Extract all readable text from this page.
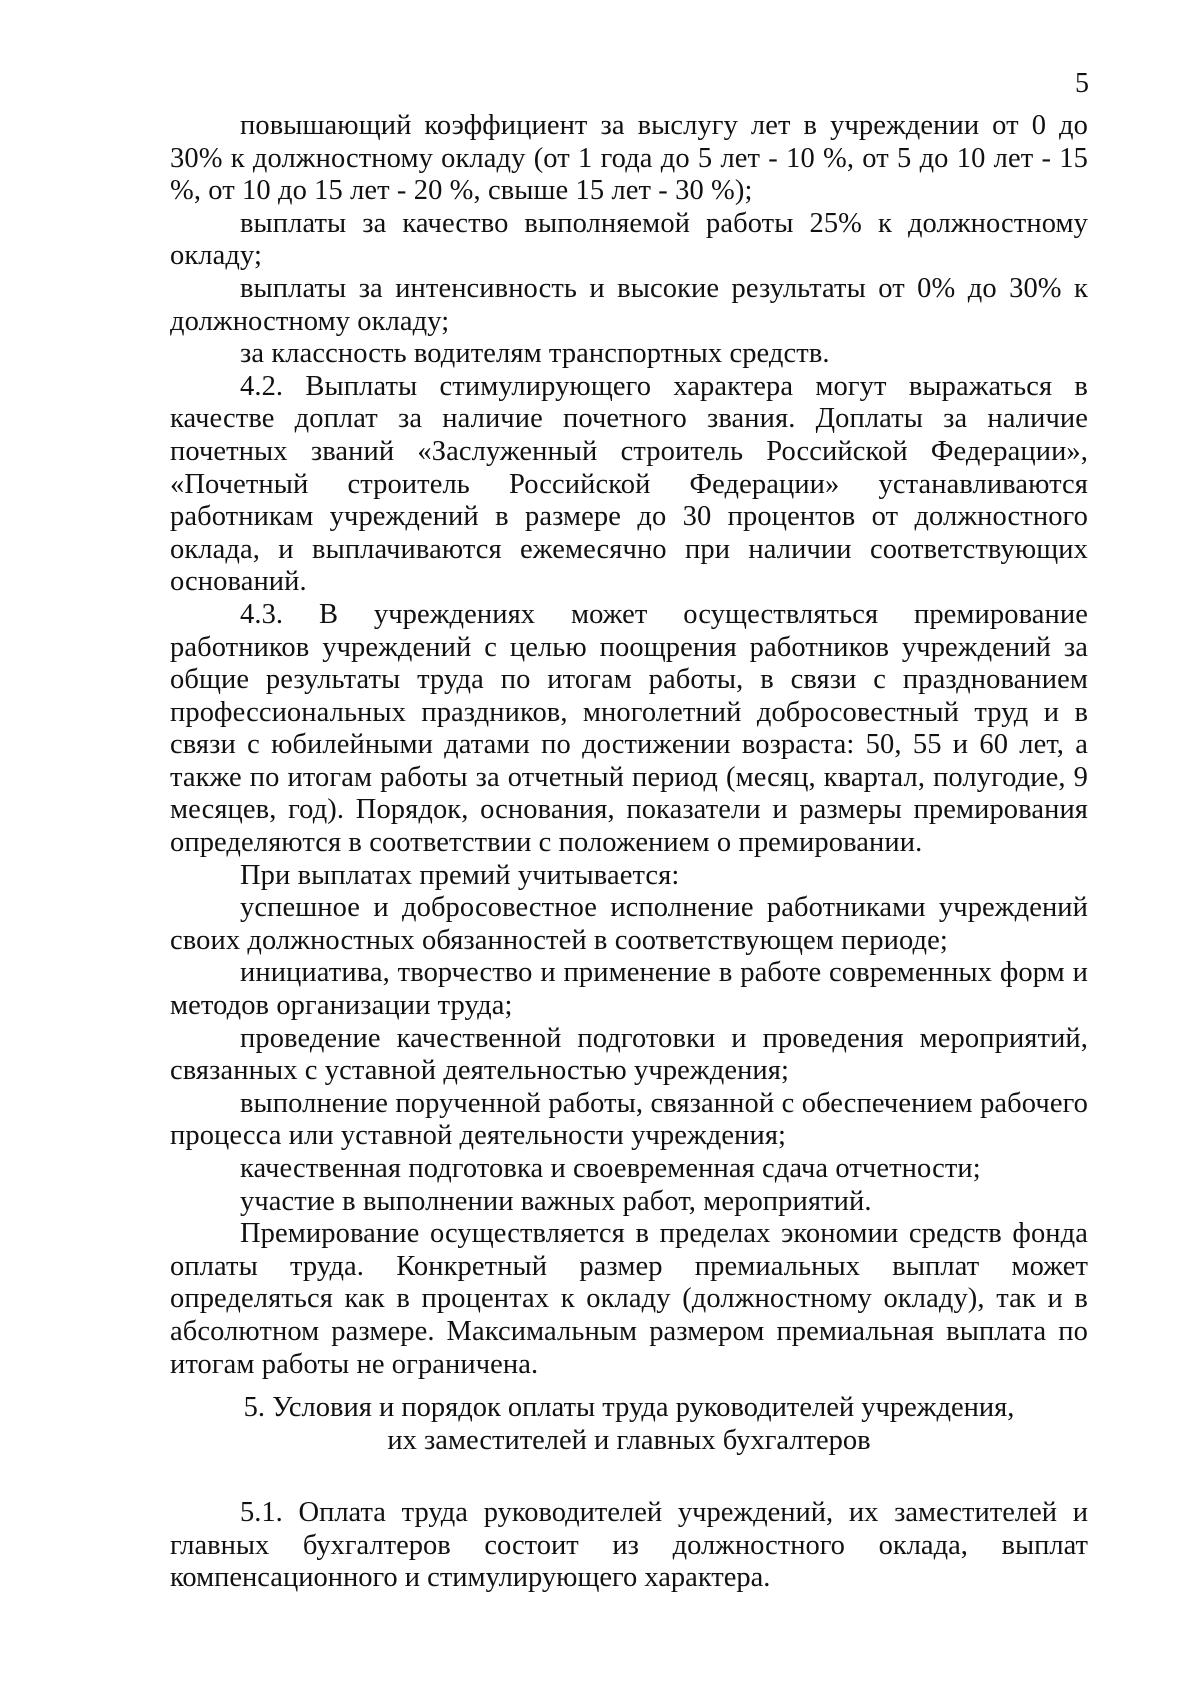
5

повышающий коэффициент за выслугу лет в учреждении от 0 до 30% к должностному окладу (от 1 года до 5 лет - 10 %, от 5 до 10 лет - 15 %, от 10 до 15 лет - 20 %, свыше 15 лет - 30 %);

выплаты за качество выполняемой работы 25% к должностному окладу;

выплаты за интенсивность и высокие результаты от 0% до 30% к должностному окладу;

за классность водителям транспортных средств.

4.2. Выплаты стимулирующего характера могут выражаться в качестве доплат за наличие почетного звания. Доплаты за наличие почетных званий «Заслуженный строитель Российской Федерации», «Почетный строитель Российской Федерации» устанавливаются работникам учреждений в размере до 30 процентов от должностного оклада, и выплачиваются ежемесячно при наличии соответствующих оснований.

4.3. В учреждениях может осуществляться премирование работников учреждений с целью поощрения работников учреждений за общие результаты труда по итогам работы, в связи с празднованием профессиональных праздников, многолетний добросовестный труд и в связи с юбилейными датами по достижении возраста: 50, 55 и 60 лет, а также по итогам работы за отчетный период (месяц, квартал, полугодие, 9 месяцев, год). Порядок, основания, показатели и размеры премирования определяются в соответствии с положением о премировании.

При выплатах премий учитывается:

успешное и добросовестное исполнение работниками учреждений своих должностных обязанностей в соответствующем периоде;

инициатива, творчество и применение в работе современных форм и методов организации труда;

проведение качественной подготовки и проведения мероприятий, связанных с уставной деятельностью учреждения;

выполнение порученной работы, связанной с обеспечением рабочего процесса или уставной деятельности учреждения;

качественная подготовка и своевременная сдача отчетности;

участие в выполнении важных работ, мероприятий.

Премирование осуществляется в пределах экономии средств фонда оплаты труда. Конкретный размер премиальных выплат может определяться как в процентах к окладу (должностному окладу), так и в абсолютном размере. Максимальным размером премиальная выплата по итогам работы не ограничена.

5. Условия и порядок оплаты труда руководителей учреждения,
их заместителей и главных бухгалтеров

5.1. Оплата труда руководителей учреждений, их заместителей и главных бухгалтеров состоит из должностного оклада, выплат компенсационного и стимулирующего характера.
